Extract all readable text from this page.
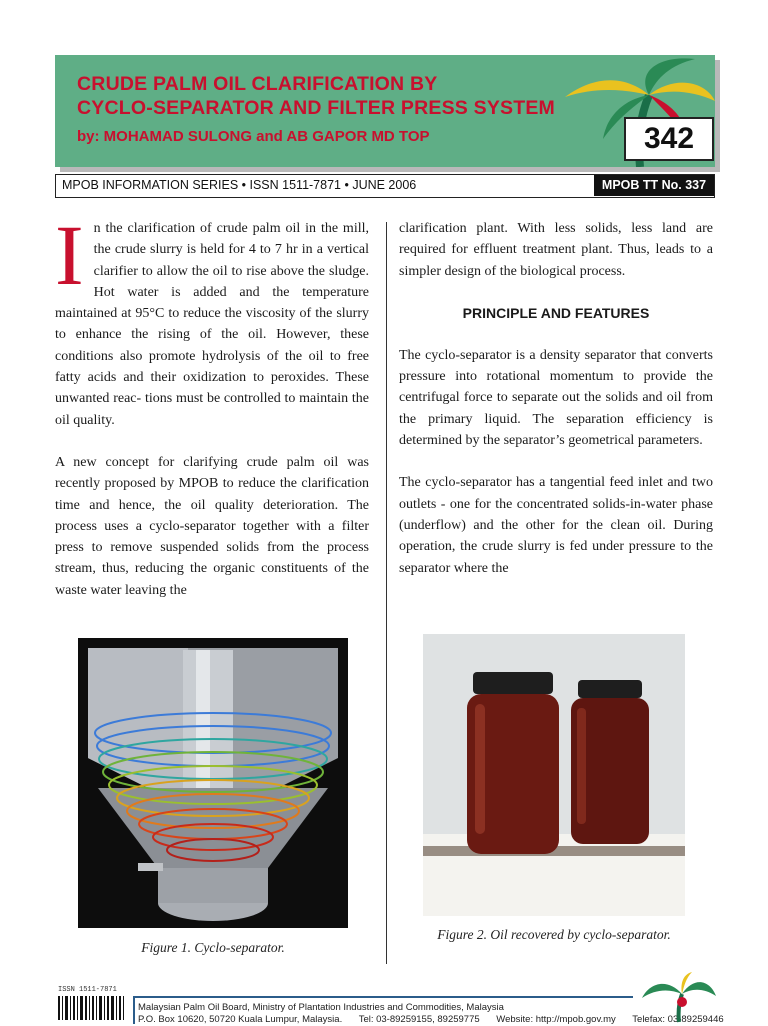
CRUDE PALM OIL CLARIFICATION BY
CYCLO-SEPARATOR AND FILTER PRESS SYSTEM
by: MOHAMAD SULONG and AB GAPOR MD TOP	342
MPOB INFORMATION SERIES • ISSN 1511-7871 • JUNE 2006	MPOB TT No. 337

In the clarification of crude palm oil in the mill, the crude slurry is held for 4 to 7 hr in a vertical clarifier to allow the oil to rise above the sludge. Hot water is added and the temperature maintained at 95°C to reduce the viscosity of the slurry to enhance the rising of the oil. However, these conditions also promote hydrolysis of the oil to free fatty acids and their oxidization to peroxides. These unwanted reac- tions must be controlled to maintain the oil quality.

A new concept for clarifying crude palm oil was recently proposed by MPOB to reduce the clarification time and hence, the oil quality deterioration. The process uses a cyclo-separator together with a filter press to remove suspended solids from the process stream, thus, reducing the organic constituents of the waste water leaving the

clarification plant. With less solids, less land are required for effluent treatment plant. Thus, leads to a simpler design of the biological process.

PRINCIPLE AND FEATURES

The cyclo-separator is a density separator that converts pressure into rotational momentum to provide the centrifugal force to separate out the solids and oil from the primary liquid. The separation efficiency is determined by the separator’s geometrical parameters.

The cyclo-separator has a tangential feed inlet and two outlets - one for the concentrated solids-in-water phase (underflow) and the other for the clean oil. During operation, the crude slurry is fed under pressure to the separator where the

Figure 1. Cyclo-separator.
Figure 2. Oil recovered by cyclo-separator.
ISSN 1511-7871
Malaysian Palm Oil Board, Ministry of Plantation Industries and Commodities, Malaysia
P.O. Box 10620, 50720 Kuala Lumpur, Malaysia. Tel: 03-89259155, 89259775 Website: http://mpob.gov.my Telefax: 03-89259446
